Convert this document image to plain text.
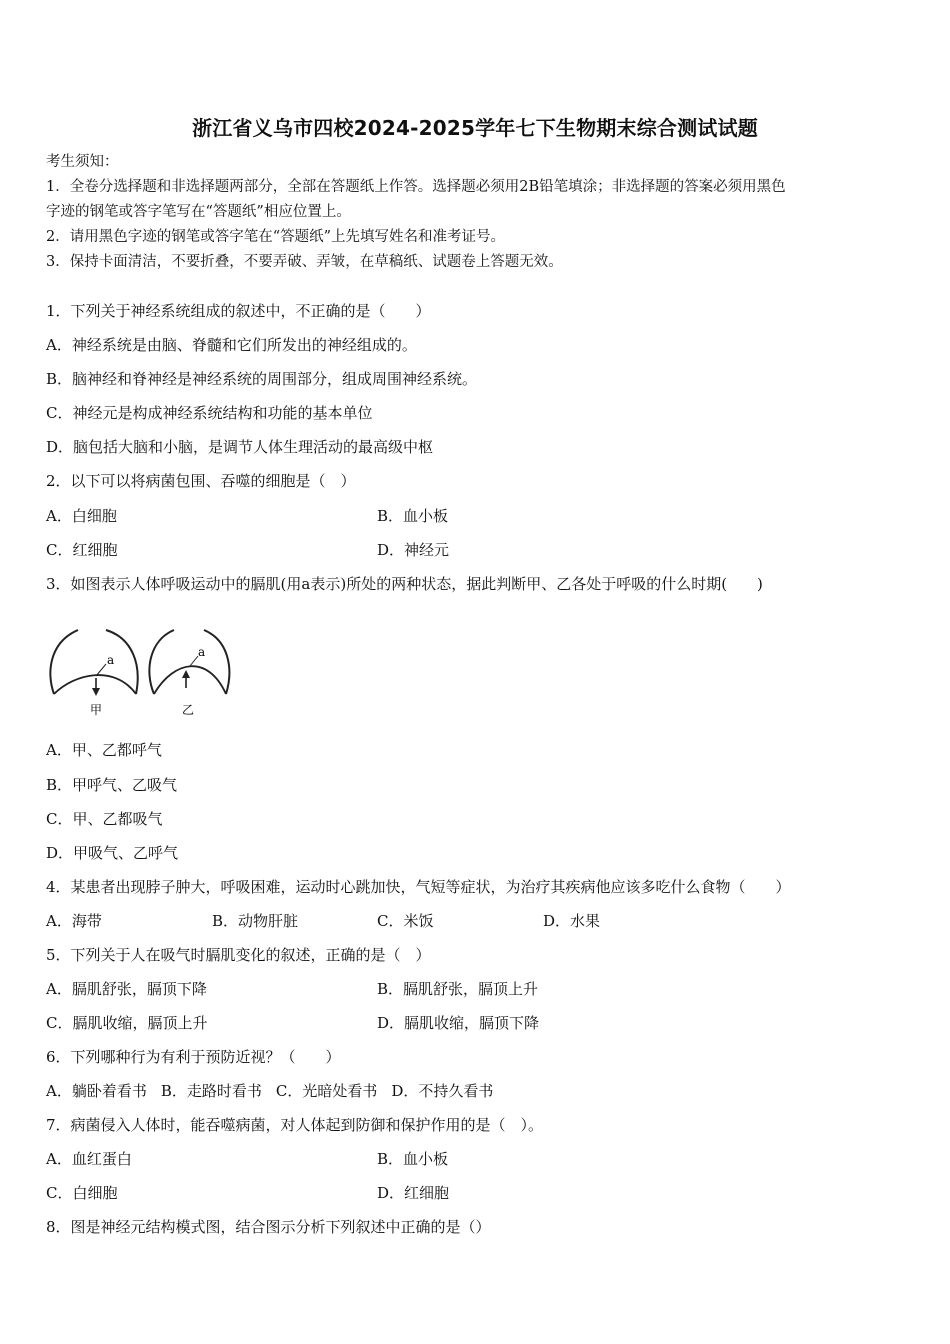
浙江省义乌市四校2024-2025学年七下生物期末综合测试试题
考生须知：
1．全卷分选择题和非选择题两部分，全部在答题纸上作答。选择题必须用2B铅笔填涂；非选择题的答案必须用黑色
字迹的钢笔或答字笔写在“答题纸”相应位置上。
2．请用黑色字迹的钢笔或答字笔在“答题纸”上先填写姓名和准考证号。
3．保持卡面清洁，不要折叠，不要弄破、弄皱，在草稿纸、试题卷上答题无效。
1．下列关于神经系统组成的叙述中，不正确的是（　　）
A．神经系统是由脑、脊髓和它们所发出的神经组成的。
B．脑神经和脊神经是神经系统的周围部分，组成周围神经系统。
C．神经元是构成神经系统结构和功能的基本单位
D．脑包括大脑和小脑，是调节人体生理活动的最高级中枢
2．以下可以将病菌包围、吞噬的细胞是（　）
A．白细胞	B．血小板
C．红细胞	D．神经元
3．如图表示人体呼吸运动中的膈肌(用a表示)所处的两种状态，据此判断甲、乙各处于呼吸的什么时期(　　)
a
甲
a
乙
A．甲、乙都呼气
B．甲呼气、乙吸气
C．甲、乙都吸气
D．甲吸气、乙呼气
4．某患者出现脖子肿大，呼吸困难，运动时心跳加快，气短等症状，为治疗其疾病他应该多吃什么食物（　　）
A．海带	B．动物肝脏	C．米饭	D．水果
5．下列关于人在吸气时膈肌变化的叙述，正确的是（　）
A．膈肌舒张，膈顶下降	B．膈肌舒张，膈顶上升
C．膈肌收缩，膈顶上升	D．膈肌收缩，膈顶下降
6．下列哪种行为有利于预防近视？（　　）
A．躺卧着看书 B．走路时看书 C．光暗处看书 D．不持久看书
7．病菌侵入人体时，能吞噬病菌，对人体起到防御和保护作用的是（　）。
A．血红蛋白	B．血小板
C．白细胞	D．红细胞
8．图是神经元结构模式图，结合图示分析下列叙述中正确的是（）
